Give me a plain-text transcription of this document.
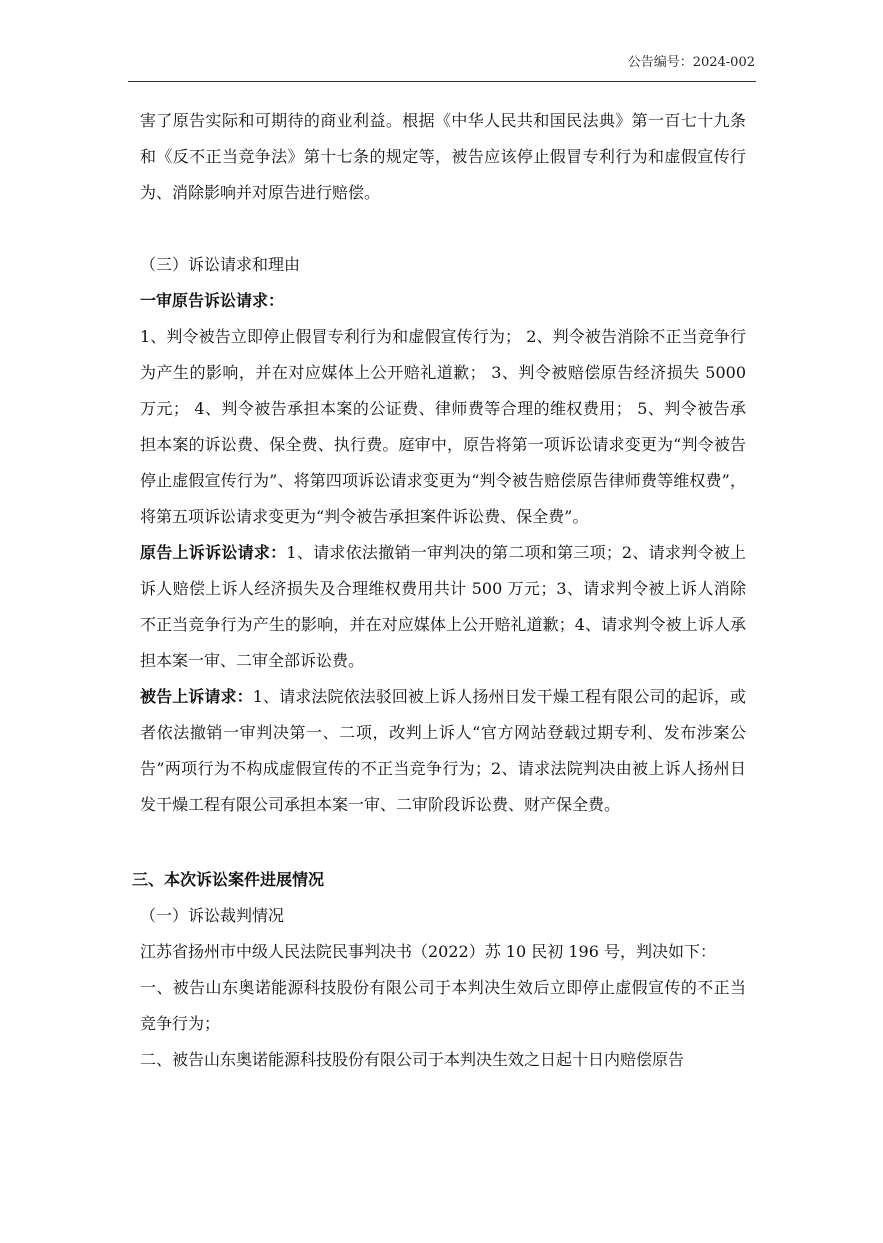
公告编号：2024-002

害了原告实际和可期待的商业利益。根据《中华人民共和国民法典》第一百七十九条和《反不正当竞争法》第十七条的规定等，被告应该停止假冒专利行为和虚假宣传行为、消除影响并对原告进行赔偿。

（三）诉讼请求和理由

一审原告诉讼请求：

1、判令被告立即停止假冒专利行为和虚假宣传行为； 2、判令被告消除不正当竞争行为产生的影响，并在对应媒体上公开赔礼道歉； 3、判令被赔偿原告经济损失 5000 万元； 4、判令被告承担本案的公证费、律师费等合理的维权费用； 5、判令被告承担本案的诉讼费、保全费、执行费。庭审中，原告将第一项诉讼请求变更为“判令被告停止虚假宣传行为”、将第四项诉讼请求变更为“判令被告赔偿原告律师费等维权费”，将第五项诉讼请求变更为“判令被告承担案件诉讼费、保全费”。

原告上诉诉讼请求：1、请求依法撤销一审判决的第二项和第三项；2、请求判令被上诉人赔偿上诉人经济损失及合理维权费用共计 500 万元；3、请求判令被上诉人消除不正当竞争行为产生的影响，并在对应媒体上公开赔礼道歉；4、请求判令被上诉人承担本案一审、二审全部诉讼费。

被告上诉请求：1、请求法院依法驳回被上诉人扬州日发干燥工程有限公司的起诉，或者依法撤销一审判决第一、二项，改判上诉人“官方网站登载过期专利、发布涉案公告”两项行为不构成虚假宣传的不正当竞争行为；2、请求法院判决由被上诉人扬州日发干燥工程有限公司承担本案一审、二审阶段诉讼费、财产保全费。

三、本次诉讼案件进展情况

（一）诉讼裁判情况

江苏省扬州市中级人民法院民事判决书（2022）苏 10 民初 196 号，判决如下：

一、被告山东奥诺能源科技股份有限公司于本判决生效后立即停止虚假宣传的不正当竞争行为；

二、被告山东奥诺能源科技股份有限公司于本判决生效之日起十日内赔偿原告
